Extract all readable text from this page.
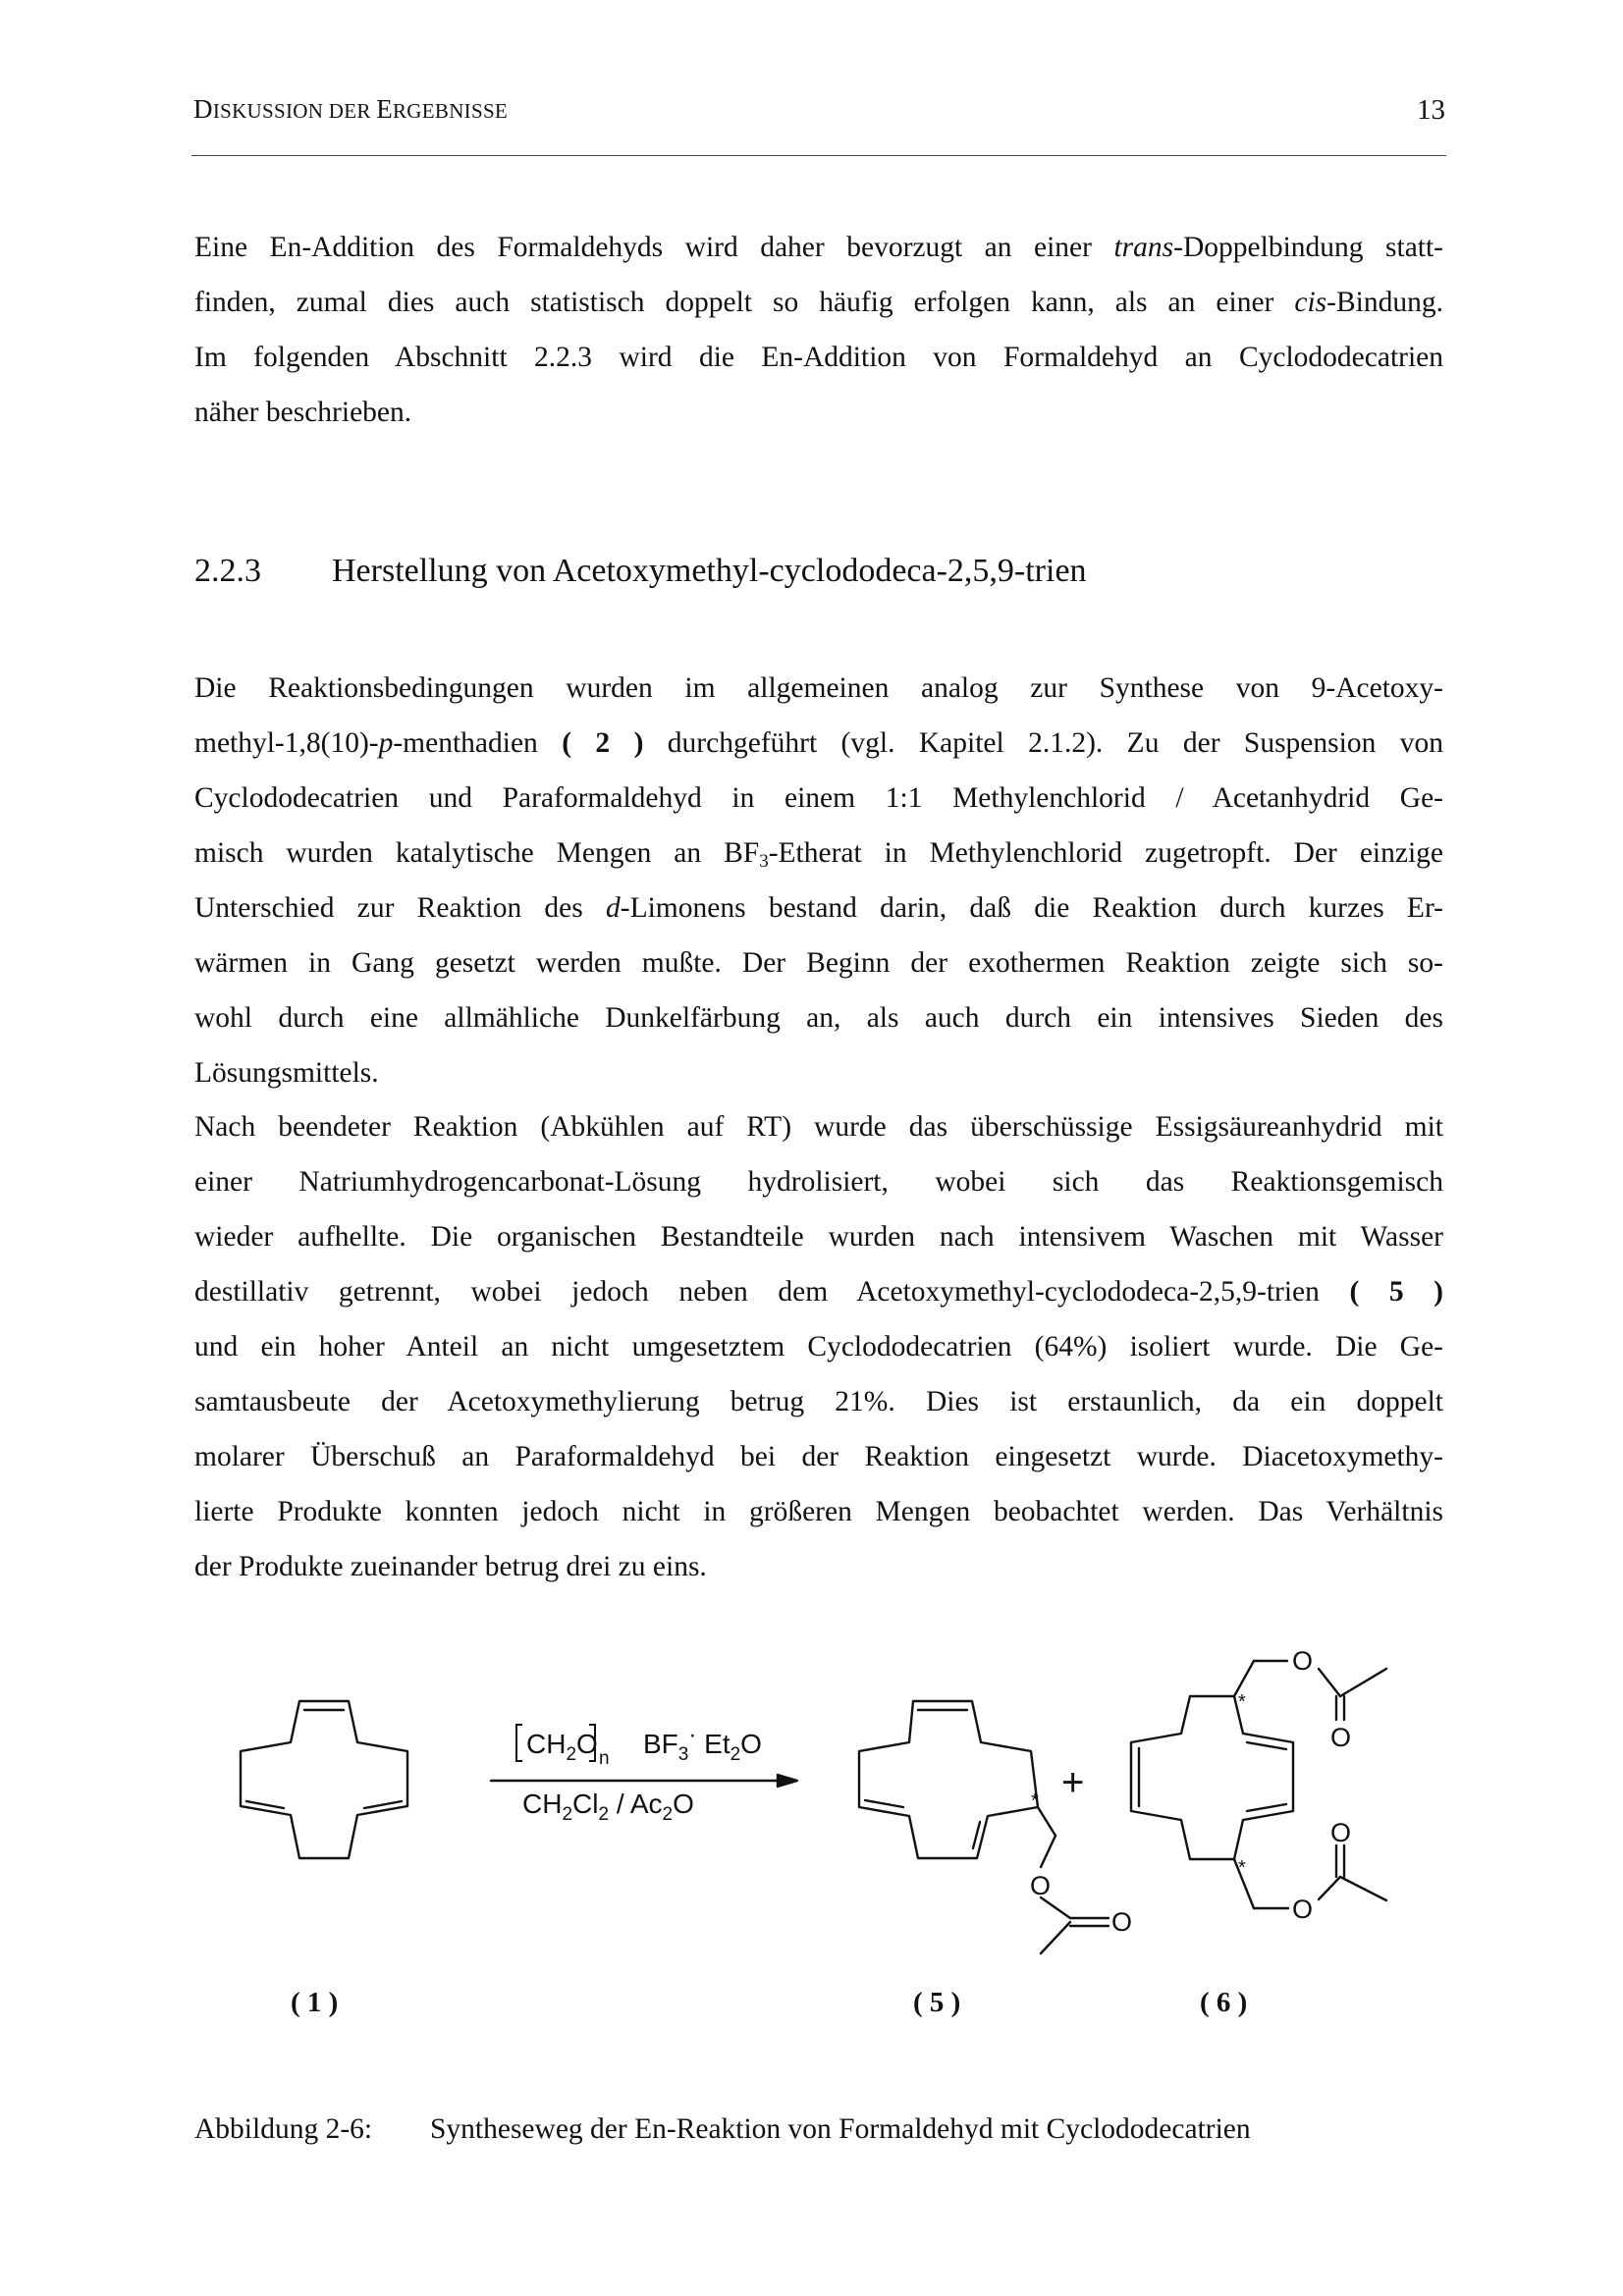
DISKUSSION DER ERGEBNISSE	13
Eine En-Addition des Formaldehyds wird daher bevorzugt an einer trans-Doppelbindung statt-
finden, zumal dies auch statistisch doppelt so häufig erfolgen kann, als an einer cis-Bindung.
Im folgenden Abschnitt 2.2.3 wird die En-Addition von Formaldehyd an Cyclododecatrien
näher beschrieben.
2.2.3 Herstellung von Acetoxymethyl-cyclododeca-2,5,9-trien
Die Reaktionsbedingungen wurden im allgemeinen analog zur Synthese von 9-Acetoxy-
methyl-1,8(10)-p-menthadien ( 2 ) durchgeführt (vgl. Kapitel 2.1.2). Zu der Suspension von
Cyclododecatrien und Paraformaldehyd in einem 1:1 Methylenchlorid / Acetanhydrid Ge-
misch wurden katalytische Mengen an $BF_3$-Etherat in Methylenchlorid zugetropft. Der einzige
Unterschied zur Reaktion des d-Limonens bestand darin, daß die Reaktion durch kurzes Er-
wärmen in Gang gesetzt werden mußte. Der Beginn der exothermen Reaktion zeigte sich so-
wohl durch eine allmähliche Dunkelfärbung an, als auch durch ein intensives Sieden des
Lösungsmittels.
Nach beendeter Reaktion (Abkühlen auf RT) wurde das überschüssige Essigsäureanhydrid mit
einer Natriumhydrogencarbonat-Lösung hydrolisiert, wobei sich das Reaktionsgemisch
wieder aufhellte. Die organischen Bestandteile wurden nach intensivem Waschen mit Wasser
destillativ getrennt, wobei jedoch neben dem Acetoxymethyl-cyclododeca-2,5,9-trien ( 5 )
und ein hoher Anteil an nicht umgesetztem Cyclododecatrien (64%) isoliert wurde. Die Ge-
samtausbeute der Acetoxymethylierung betrug 21%. Dies ist erstaunlich, da ein doppelt
molarer Überschuß an Paraformaldehyd bei der Reaktion eingesetzt wurde. Diacetoxymethy-
lierte Produkte konnten jedoch nicht in größeren Mengen beobachtet werden. Das Verhältnis
der Produkte zueinander betrug drei zu eins.
$CH_2O$ n $BF_3\cdot Et_2O$
$CH_2Cl_2 / Ac_2O$	*
O
O
+
*
*
O
O
O
O
( 1 )	( 5 )	( 6 )
Abbildung 2-6: Syntheseweg der En-Reaktion von Formaldehyd mit Cyclododecatrien
